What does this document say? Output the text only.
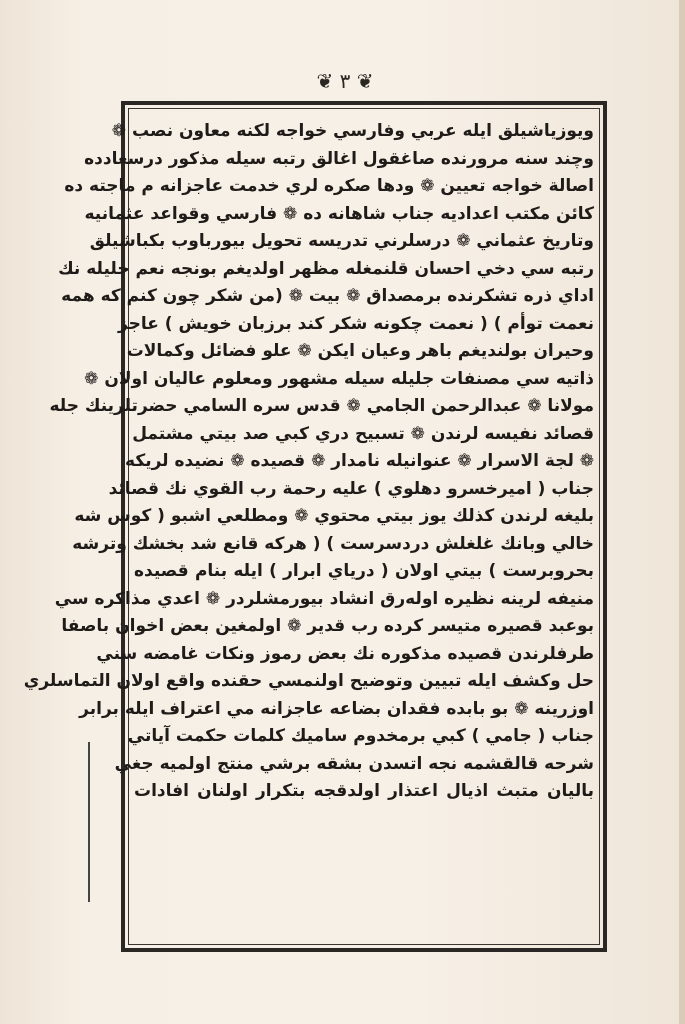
❦ ٣ ❦
ويوزياشيلق ايله عربي وفارسي خواجه لكنه معاون نصب ❁
وچند سنه مرورنده صاغقول اغالق رتبه سيله مذكور درسعادده
اصالة خواجه تعيين ❁ ودها صكره لري خدمت عاجزانه م ماجته ده
كائن مكتب اعداديه جناب شاهانه ده ❁ فارسي وقواعد عثمانيه
وتاريخ عثماني ❁ درسلرني تدريسه تحويل بيورباوب بكباشيلق
رتبه سي دخي احسان قلنمغله مظهر اولديغم بونجه نعم جليله نك
اداي ذره تشكرنده برمصداق ❁ بيت ❁ (من شكر چون كنم كه همه
نعمت توأم ) ( نعمت چكونه شكر كند برزبان خويش ) عاجز
وحيران بولنديغم باهر وعيان ايكن ❁ علو فضائل وكمالات
ذاتيه سي مصنفات جليله سيله مشهور ومعلوم عاليان اولان ❁
مولانا ❁ عبدالرحمن الجامي ❁ قدس سره السامي حضرتلرينك جله
قصائد نفيسه لرندن ❁ تسبيح دري كبي صد بيتي مشتمل
❁ لجة الاسرار ❁ عنوانيله نامدار ❁ قصيده ❁ نضيده لريكه
جناب ( اميرخسرو دهلوي ) عليه رحمة رب القوي نك قصائد
بليغه لرندن كذلك يوز بيتي محتوي ❁ ومطلعي اشبو ( كوس شه
خالي وبانك غلغلش دردسرست ) ( هركه قانع شد بخشك وترشه
بحروبرست ) بيتي اولان ( درياي ابرار ) ايله بنام قصيده
منيفه لرينه نظيره اولەرق انشاد بيورمشلردر ❁ اعدي مذاكره سي
بوعبد قصيره متيسر كرده رب قدير ❁ اولمغين بعض اخوان باصفا
طرفلرندن قصيده مذكوره نك بعض رموز ونكات غامضه سني
حل وكشف ايله تبيين وتوضيح اولنمسي حقنده واقع اولان التماسلري
اوزرينه ❁ بو بابده فقدان بضاعه عاجزانه مي اعتراف ايله برابر
جناب ( جامي ) كبي برمخدوم ساميك كلمات حكمت آياتي
شرحه قالقشمه نجه اتسدن بشقه برشي منتج اولميه جغي
باليان متبث اذيال اعتذار اولدقجه بتكرار اولنان افادات
